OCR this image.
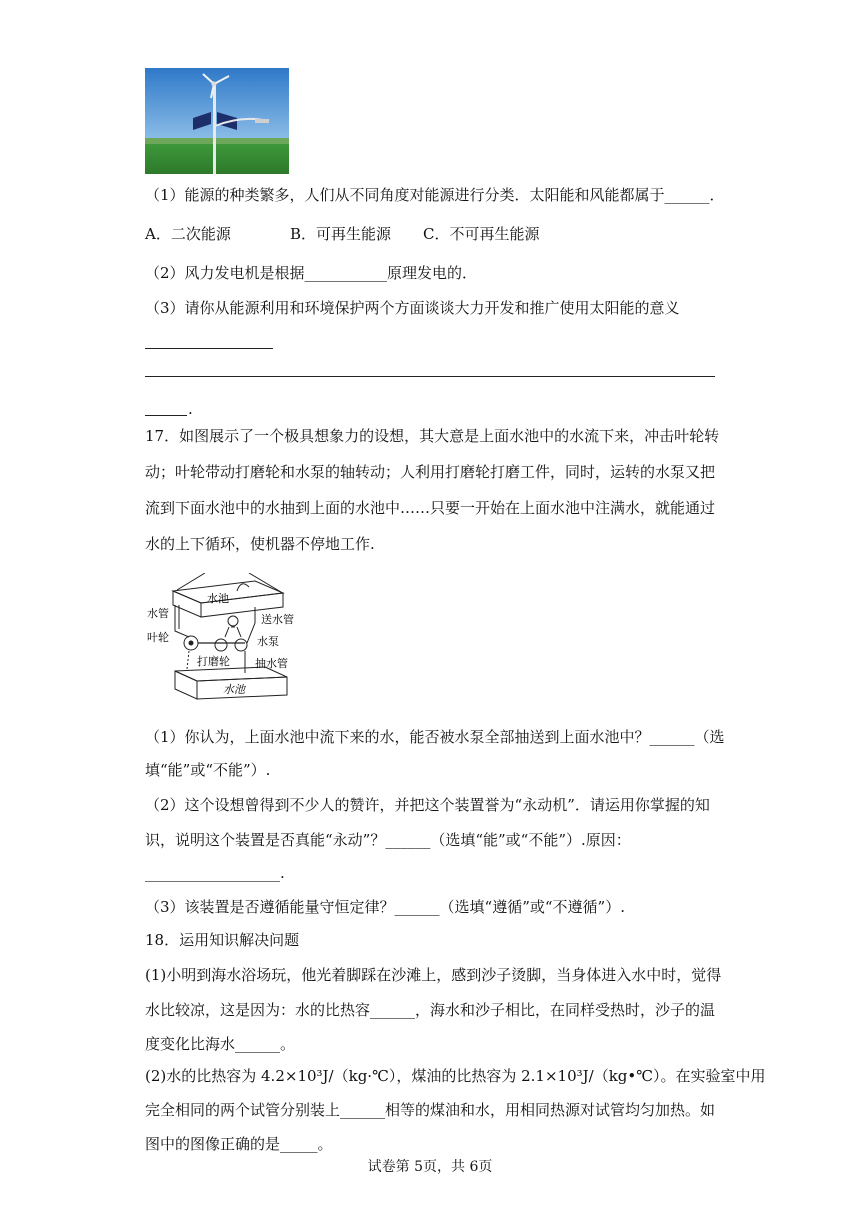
（1）能源的种类繁多，人们从不同角度对能源进行分类．太阳能和风能都属于______．
A．二次能源	B．可再生能源 C．不可再生能源
（2）风力发电机是根据___________原理发电的．
（3）请你从能源利用和环境保护两个方面谈谈大力开发和推广使用太阳能的意义
.
17．如图展示了一个极具想象力的设想，其大意是上面水池中的水流下来，冲击叶轮转
动；叶轮带动打磨轮和水泵的轴转动；人利用打磨轮打磨工件，同时，运转的水泵又把
流到下面水池中的水抽到上面的水池中……只要一开始在上面水池中注满水，就能通过
水的上下循环，使机器不停地工作.
水池
水管
叶轮
送水管
水泵
打磨轮 抽水管
水池
（1）你认为，上面水池中流下来的水，能否被水泵全部抽送到上面水池中？______（选
填“能”或“不能”）.
（2）这个设想曾得到不少人的赞许，并把这个装置誉为“永动机”．请运用你掌握的知
识，说明这个装置是否真能“永动”？______（选填“能”或“不能”）.原因：
__________________.
（3）该装置是否遵循能量守恒定律？______（选填“遵循”或“不遵循”）.
18．运用知识解决问题
(1)小明到海水浴场玩，他光着脚踩在沙滩上，感到沙子烫脚，当身体进入水中时，觉得
水比较凉，这是因为：水的比热容______，海水和沙子相比，在同样受热时，沙子的温
度变化比海水______。
(2)水的比热容为 4.2×10³J/（kg·℃），煤油的比热容为 2.1×10³J/（kg•℃）。在实验室中用
完全相同的两个试管分别装上______相等的煤油和水，用相同热源对试管均匀加热。如
图中的图像正确的是_____。
试卷第 5页，共 6页
